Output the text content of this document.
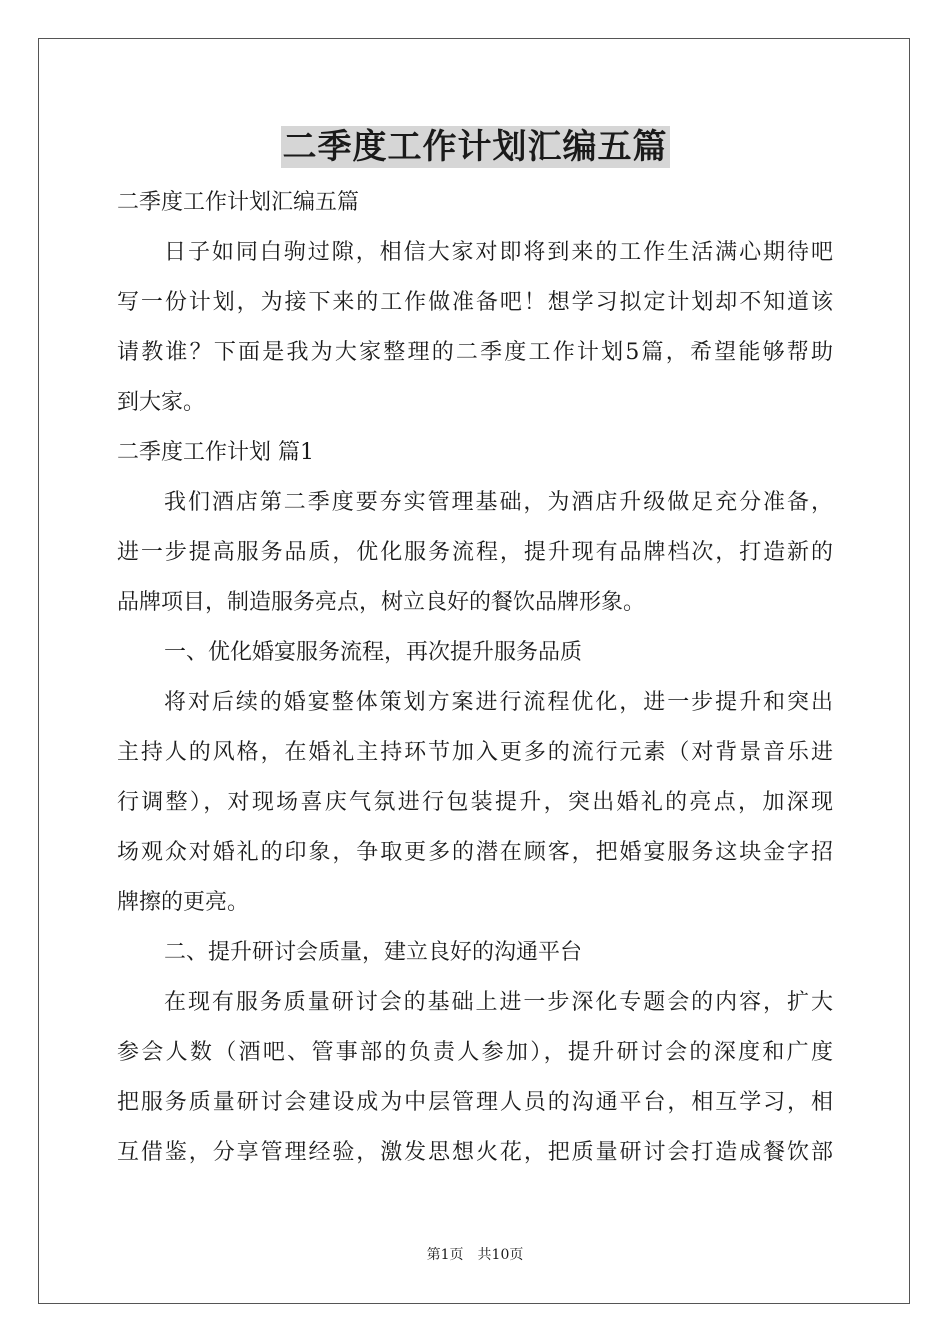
二季度工作计划汇编五篇
二季度工作计划汇编五篇
日子如同白驹过隙，相信大家对即将到来的工作生活满心期待吧
写一份计划，为接下来的工作做准备吧！想学习拟定计划却不知道该
请教谁？下面是我为大家整理的二季度工作计划5篇，希望能够帮助
到大家。
二季度工作计划 篇1
我们酒店第二季度要夯实管理基础，为酒店升级做足充分准备，
进一步提高服务品质，优化服务流程，提升现有品牌档次，打造新的
品牌项目，制造服务亮点，树立良好的餐饮品牌形象。
一、优化婚宴服务流程，再次提升服务品质
将对后续的婚宴整体策划方案进行流程优化，进一步提升和突出
主持人的风格，在婚礼主持环节加入更多的流行元素（对背景音乐进
行调整），对现场喜庆气氛进行包装提升，突出婚礼的亮点，加深现
场观众对婚礼的印象，争取更多的潜在顾客，把婚宴服务这块金字招
牌擦的更亮。
二、提升研讨会质量，建立良好的沟通平台
在现有服务质量研讨会的基础上进一步深化专题会的内容，扩大
参会人数（酒吧、管事部的负责人参加），提升研讨会的深度和广度
把服务质量研讨会建设成为中层管理人员的沟通平台，相互学习，相
互借鉴，分享管理经验，激发思想火花，把质量研讨会打造成餐饮部
第1页　共10页
